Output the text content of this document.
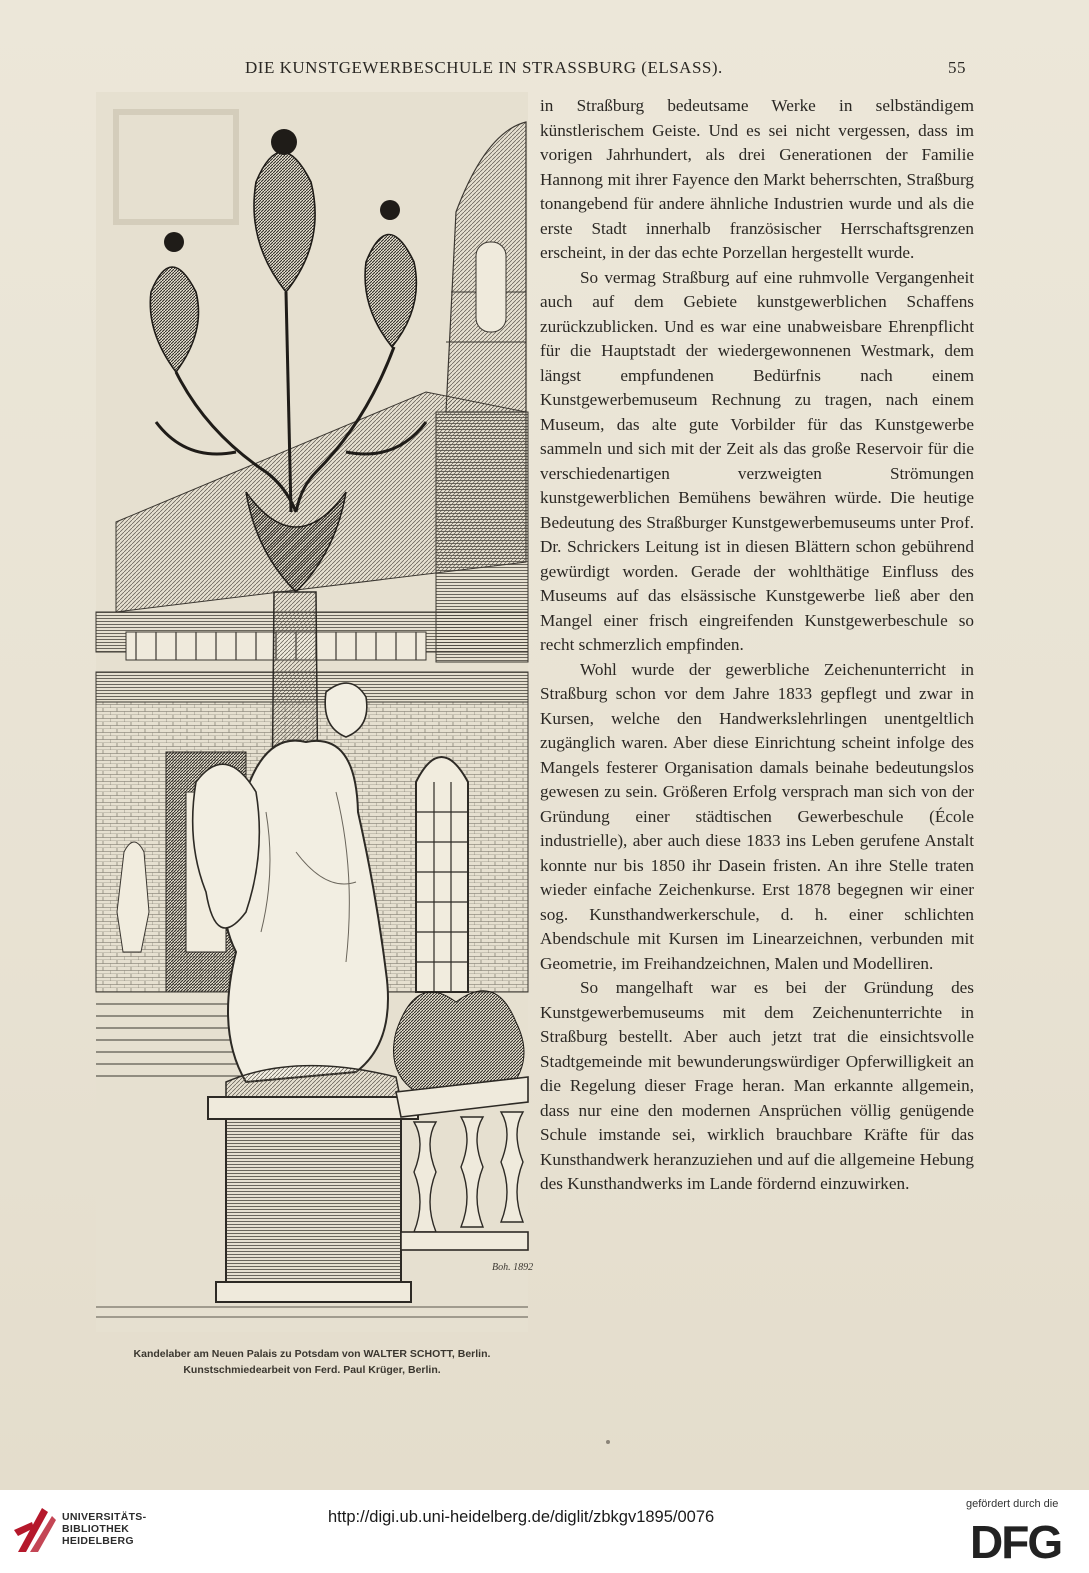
DIE KUNSTGEWERBESCHULE IN STRASSBURG (ELSASS).	55
Boh. 1892
Kandelaber am Neuen Palais zu Potsdam von WALTER SCHOTT, Berlin.
Kunstschmiedearbeit von Ferd. Paul Krüger, Berlin.

in Straßburg bedeutsame Werke in selbständigem künstlerischem Geiste. Und es sei nicht vergessen, dass im vorigen Jahrhundert, als drei Generationen der Familie Hannong mit ihrer Fayence den Markt beherrschten, Straßburg tonangebend für andere ähnliche Industrien wurde und als die erste Stadt innerhalb französischer Herrschaftsgrenzen erscheint, in der das echte Porzellan hergestellt wurde.

So vermag Straßburg auf eine ruhmvolle Vergangenheit auch auf dem Gebiete kunstgewerblichen Schaffens zurückzublicken. Und es war eine unabweisbare Ehrenpflicht für die Hauptstadt der wiedergewonnenen Westmark, dem längst empfundenen Bedürfnis nach einem Kunstgewerbemuseum Rechnung zu tragen, nach einem Museum, das alte gute Vorbilder für das Kunstgewerbe sammeln und sich mit der Zeit als das große Reservoir für die verschiedenartigen verzweigten Strömungen kunstgewerblichen Bemühens bewähren würde. Die heutige Bedeutung des Straßburger Kunstgewerbemuseums unter Prof. Dr. Schrickers Leitung ist in diesen Blättern schon gebührend gewürdigt worden. Gerade der wohlthätige Einfluss des Museums auf das elsässische Kunstgewerbe ließ aber den Mangel einer frisch eingreifenden Kunstgewerbeschule so recht schmerzlich empfinden.

Wohl wurde der gewerbliche Zeichenunterricht in Straßburg schon vor dem Jahre 1833 gepflegt und zwar in Kursen, welche den Handwerkslehrlingen unentgeltlich zugänglich waren. Aber diese Einrichtung scheint infolge des Mangels festerer Organisation damals beinahe bedeutungslos gewesen zu sein. Größeren Erfolg versprach man sich von der Gründung einer städtischen Gewerbeschule (École industrielle), aber auch diese 1833 ins Leben gerufene Anstalt konnte nur bis 1850 ihr Dasein fristen. An ihre Stelle traten wieder einfache Zeichenkurse. Erst 1878 begegnen wir einer sog. Kunsthandwerkerschule, d. h. einer schlichten Abendschule mit Kursen im Linearzeichnen, verbunden mit Geometrie, im Freihandzeichnen, Malen und Modelliren.

So mangelhaft war es bei der Gründung des Kunstgewerbemuseums mit dem Zeichenunterrichte in Straßburg bestellt. Aber auch jetzt trat die einsichtsvolle Stadtgemeinde mit bewunderungswürdiger Opferwilligkeit an die Regelung dieser Frage heran. Man erkannte allgemein, dass nur eine den modernen Ansprüchen völlig genügende Schule imstande sei, wirklich brauchbare Kräfte für das Kunsthandwerk heranzuziehen und auf die allgemeine Hebung des Kunsthandwerks im Lande fördernd einzuwirken.

UNIVERSITÄTS-
BIBLIOTHEK
HEIDELBERG
http://digi.ub.uni-heidelberg.de/diglit/zbkgv1895/0076
gefördert durch die
DFG
